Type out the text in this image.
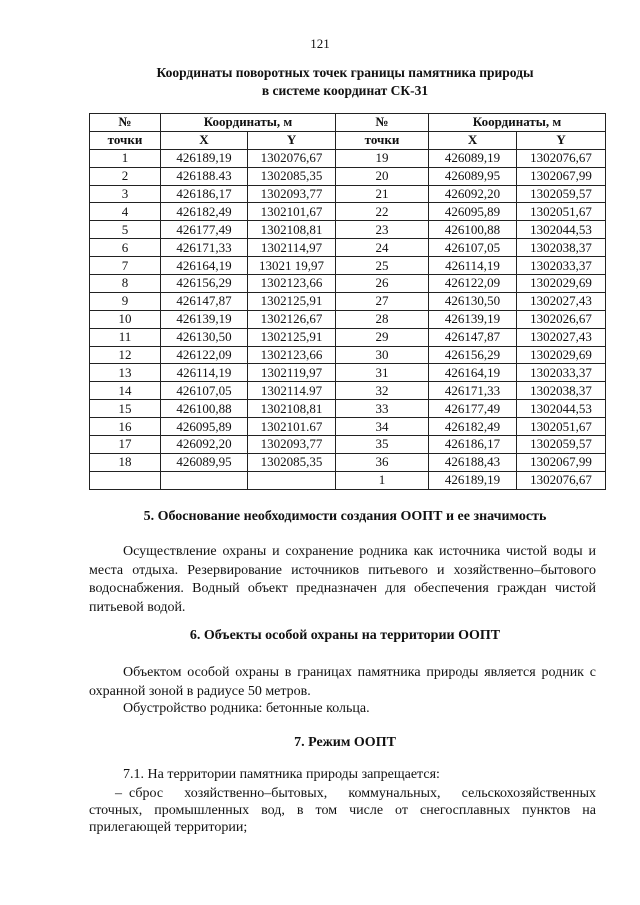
121
Координаты поворотных точек границы памятника природы
в системе координат СК-31
№	Координаты, м		№	Координаты, м	
точки	X	Y	точки	X	Y
1	426189,19	1302076,67	19	426089,19	1302076,67
2	426188.43	1302085,35	20	426089,95	1302067,99
3	426186,17	1302093,77	21	426092,20	1302059,57
4	426182,49	1302101,67	22	426095,89	1302051,67
5	426177,49	1302108,81	23	426100,88	1302044,53
6	426171,33	1302114,97	24	426107,05	1302038,37
7	426164,19	13021 19,97	25	426114,19	1302033,37
8	426156,29	1302123,66	26	426122,09	1302029,69
9	426147,87	1302125,91	27	426130,50	1302027,43
10	426139,19	1302126,67	28	426139,19	1302026,67
11	426130,50	1302125,91	29	426147,87	1302027,43
12	426122,09	1302123,66	30	426156,29	1302029,69
13	426114,19	1302119,97	31	426164,19	1302033,37
14	426107,05	1302114.97	32	426171,33	1302038,37
15	426100,88	1302108,81	33	426177,49	1302044,53
16	426095,89	1302101.67	34	426182,49	1302051,67
17	426092,20	1302093,77	35	426186,17	1302059,57
18	426089,95	1302085,35	36	426188,43	1302067,99
			1	426189,19	1302076,67
5. Обоснование необходимости создания ООПТ и ее значимость
Осуществление охраны и сохранение родника как источника чистой воды и места отдыха. Резервирование источников питьевого и хозяйственно–бытового водоснабжения. Водный объект предназначен для обеспечения граждан чистой питьевой водой.
6. Объекты особой охраны на территории ООПТ
Объектом особой охраны в границах памятника природы является родник с охранной зоной в радиусе 50 метров.
Обустройство родника: бетонные кольца.
7. Режим ООПТ
7.1. На территории памятника природы запрещается:
– сброс хозяйственно–бытовых, коммунальных, сельскохозяйственных сточных, промышленных вод, в том числе от снегосплавных пунктов на прилегающей территории;
